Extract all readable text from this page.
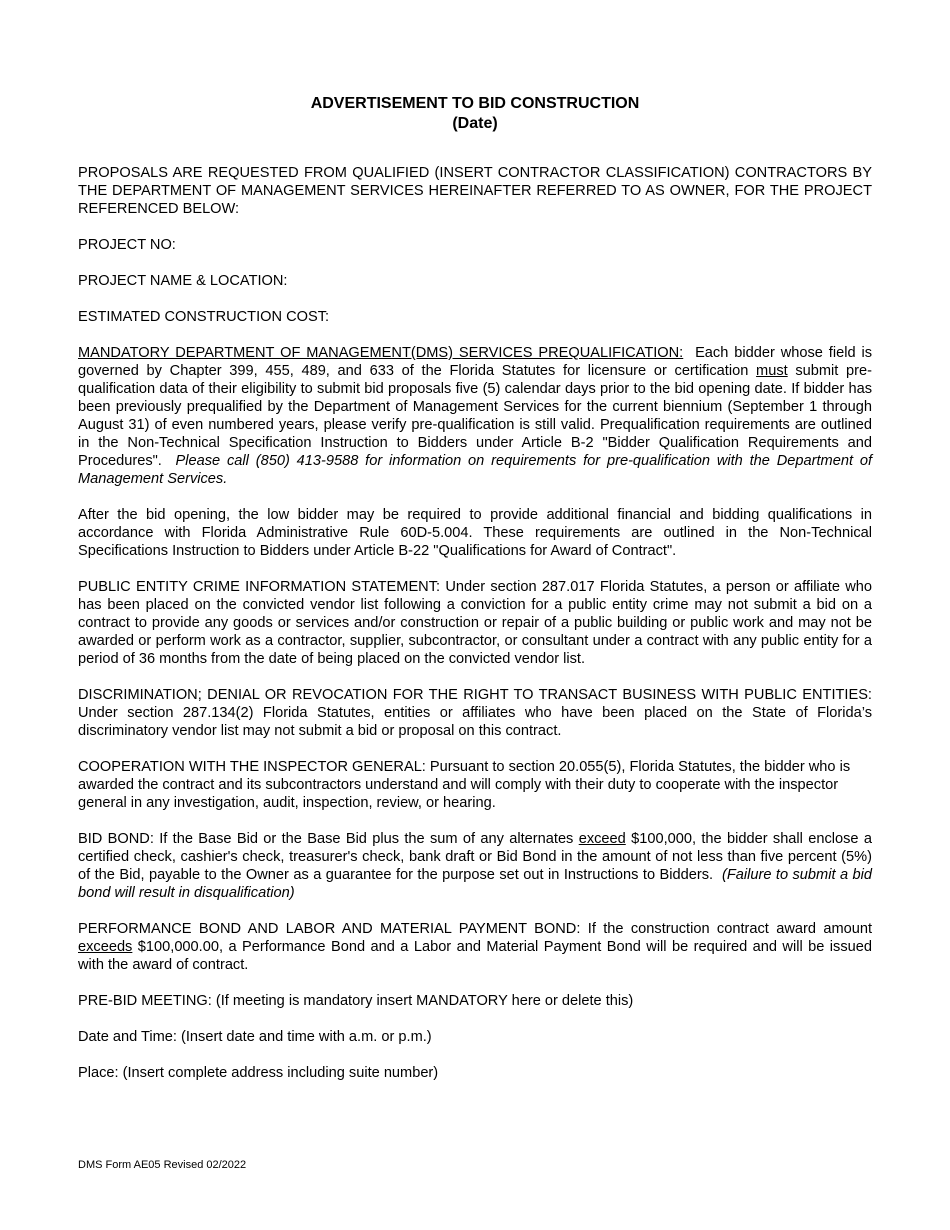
ADVERTISEMENT TO BID CONSTRUCTION

(Date)

PROPOSALS ARE REQUESTED FROM QUALIFIED (INSERT CONTRACTOR CLASSIFICATION) CONTRACTORS BY THE DEPARTMENT OF MANAGEMENT SERVICES HEREINAFTER REFERRED TO AS OWNER, FOR THE PROJECT REFERENCED BELOW:

PROJECT NO:

PROJECT NAME & LOCATION:

ESTIMATED CONSTRUCTION COST:

MANDATORY DEPARTMENT OF MANAGEMENT(DMS) SERVICES PREQUALIFICATION: Each bidder whose field is governed by Chapter 399, 455, 489, and 633 of the Florida Statutes for licensure or certification must submit pre-qualification data of their eligibility to submit bid proposals five (5) calendar days prior to the bid opening date. If bidder has been previously prequalified by the Department of Management Services for the current biennium (September 1 through August 31) of even numbered years, please verify pre-qualification is still valid. Prequalification requirements are outlined in the Non-Technical Specification Instruction to Bidders under Article B-2 "Bidder Qualification Requirements and Procedures". Please call (850) 413-9588 for information on requirements for pre-qualification with the Department of Management Services.

After the bid opening, the low bidder may be required to provide additional financial and bidding qualifications in accordance with Florida Administrative Rule 60D-5.004. These requirements are outlined in the Non-Technical Specifications Instruction to Bidders under Article B-22 "Qualifications for Award of Contract".

PUBLIC ENTITY CRIME INFORMATION STATEMENT: Under section 287.017 Florida Statutes, a person or affiliate who has been placed on the convicted vendor list following a conviction for a public entity crime may not submit a bid on a contract to provide any goods or services and/or construction or repair of a public building or public work and may not be awarded or perform work as a contractor, supplier, subcontractor, or consultant under a contract with any public entity for a period of 36 months from the date of being placed on the convicted vendor list.

DISCRIMINATION; DENIAL OR REVOCATION FOR THE RIGHT TO TRANSACT BUSINESS WITH PUBLIC ENTITIES: Under section 287.134(2) Florida Statutes, entities or affiliates who have been placed on the State of Florida’s discriminatory vendor list may not submit a bid or proposal on this contract.

COOPERATION WITH THE INSPECTOR GENERAL: Pursuant to section 20.055(5), Florida Statutes, the bidder who is awarded the contract and its subcontractors understand and will comply with their duty to cooperate with the inspector general in any investigation, audit, inspection, review, or hearing.

BID BOND: If the Base Bid or the Base Bid plus the sum of any alternates exceed $100,000, the bidder shall enclose a certified check, cashier's check, treasurer's check, bank draft or Bid Bond in the amount of not less than five percent (5%) of the Bid, payable to the Owner as a guarantee for the purpose set out in Instructions to Bidders. (Failure to submit a bid bond will result in disqualification)

PERFORMANCE BOND AND LABOR AND MATERIAL PAYMENT BOND: If the construction contract award amount exceeds $100,000.00, a Performance Bond and a Labor and Material Payment Bond will be required and will be issued with the award of contract.

PRE-BID MEETING: (If meeting is mandatory insert MANDATORY here or delete this)

Date and Time: (Insert date and time with a.m. or p.m.)

Place: (Insert complete address including suite number)

DMS Form AE05 Revised 02/2022
